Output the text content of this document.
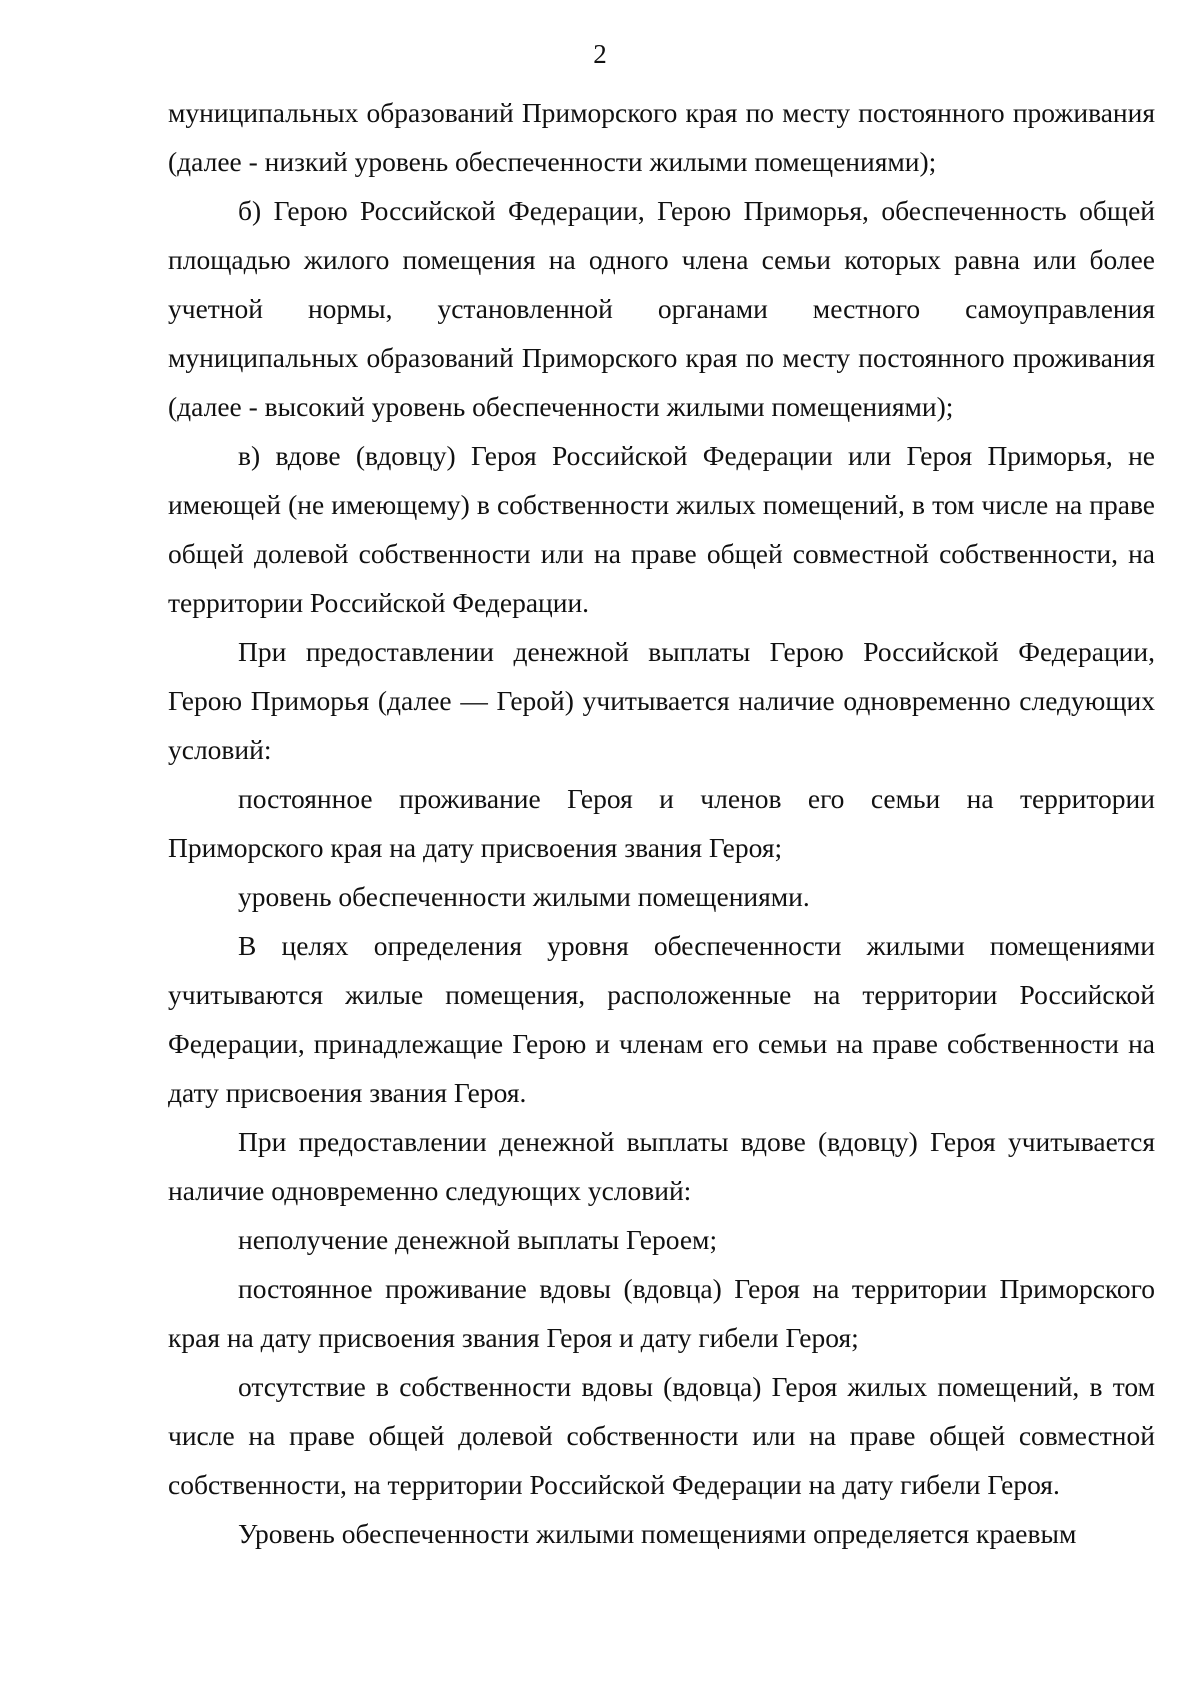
2

муниципальных образований Приморского края по месту постоянного проживания (далее - низкий уровень обеспеченности жилыми помещениями);

б) Герою Российской Федерации, Герою Приморья, обеспеченность общей площадью жилого помещения на одного члена семьи которых равна или более учетной нормы, установленной органами местного самоуправления муниципальных образований Приморского края по месту постоянного проживания (далее - высокий уровень обеспеченности жилыми помещениями);

в) вдове (вдовцу) Героя Российской Федерации или Героя Приморья, не имеющей (не имеющему) в собственности жилых помещений, в том числе на праве общей долевой собственности или на праве общей совместной собственности, на территории Российской Федерации.

При предоставлении денежной выплаты Герою Российской Федерации, Герою Приморья (далее — Герой) учитывается наличие одновременно следующих условий:

постоянное проживание Героя и членов его семьи на территории Приморского края на дату присвоения звания Героя;

уровень обеспеченности жилыми помещениями.

В целях определения уровня обеспеченности жилыми помещениями учитываются жилые помещения, расположенные на территории Российской Федерации, принадлежащие Герою и членам его семьи на праве собственности на дату присвоения звания Героя.

При предоставлении денежной выплаты вдове (вдовцу) Героя учитывается наличие одновременно следующих условий:

неполучение денежной выплаты Героем;

постоянное проживание вдовы (вдовца) Героя на территории Приморского края на дату присвоения звания Героя и дату гибели Героя;

отсутствие в собственности вдовы (вдовца) Героя жилых помещений, в том числе на праве общей долевой собственности или на праве общей совместной собственности, на территории Российской Федерации на дату гибели Героя.

Уровень обеспеченности жилыми помещениями определяется краевым
